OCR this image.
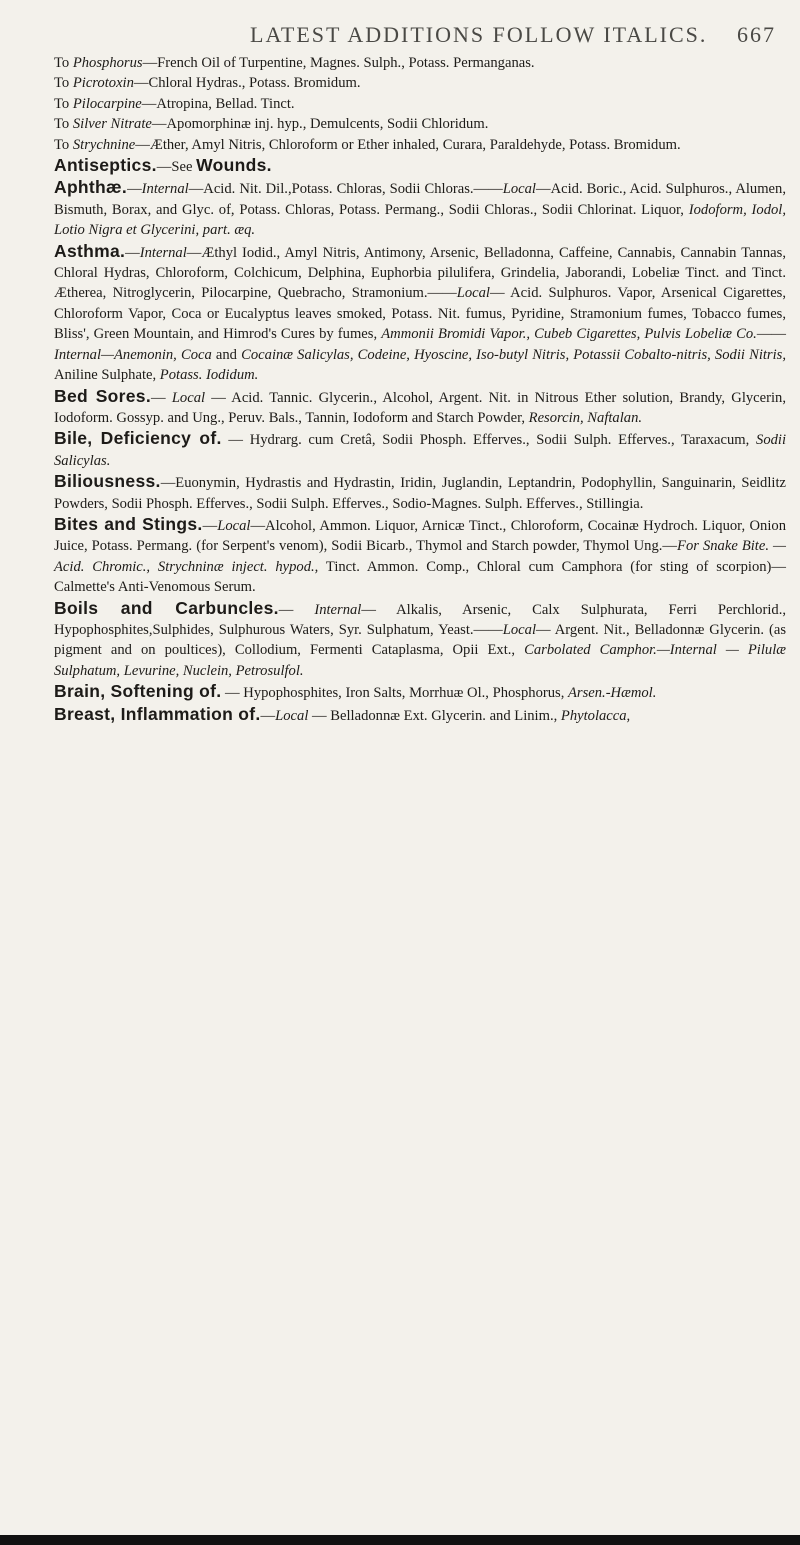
LATEST ADDITIONS FOLLOW ITALICS. 667

To Phosphorus—French Oil of Turpentine, Magnes. Sulph., Potass. Permanganas.

To Picrotoxin—Chloral Hydras., Potass. Bromidum.

To Pilocarpine—Atropina, Bellad. Tinct.

To Silver Nitrate—Apomorphinæ inj. hyp., Demulcents, Sodii Chloridum.

To Strychnine—Æther, Amyl Nitris, Chloroform or Ether inhaled, Curara, Paraldehyde, Potass. Bromidum.

Antiseptics.—See Wounds.

Aphthæ.—Internal—Acid. Nit. Dil.,Potass. Chloras, Sodii Chloras.——Local—Acid. Boric., Acid. Sulphuros., Alumen, Bismuth, Borax, and Glyc. of, Potass. Chloras, Potass. Permang., Sodii Chloras., Sodii Chlorinat. Liquor, Iodoform, Iodol, Lotio Nigra et Glycerini, part. æq.

Asthma.—Internal—Æthyl Iodid., Amyl Nitris, Antimony, Arsenic, Belladonna, Caffeine, Cannabis, Cannabin Tannas, Chloral Hydras, Chloroform, Colchicum, Delphina, Euphorbia pilulifera, Grindelia, Jaborandi, Lobeliæ Tinct. and Tinct. Ætherea, Nitroglycerin, Pilocarpine, Quebracho, Stramonium.——Local— Acid. Sulphuros. Vapor, Arsenical Cigarettes, Chloroform Vapor, Coca or Eucalyptus leaves smoked, Potass. Nit. fumus, Pyridine, Stramonium fumes, Tobacco fumes, Bliss', Green Mountain, and Himrod's Cures by fumes, Ammonii Bromidi Vapor., Cubeb Cigarettes, Pulvis Lobeliæ Co.——Internal—Anemonin, Coca and Cocainæ Salicylas, Codeine, Hyoscine, Iso-butyl Nitris, Potassii Cobalto-nitris, Sodii Nitris, Aniline Sulphate, Potass. Iodidum.

Bed Sores.— Local — Acid. Tannic. Glycerin., Alcohol, Argent. Nit. in Nitrous Ether solution, Brandy, Glycerin, Iodoform. Gossyp. and Ung., Peruv. Bals., Tannin, Iodoform and Starch Powder, Resorcin, Naftalan.

Bile, Deficiency of. — Hydrarg. cum Cretâ, Sodii Phosph. Efferves., Sodii Sulph. Efferves., Taraxacum, Sodii Salicylas.

Biliousness.—Euonymin, Hydrastis and Hydrastin, Iridin, Juglandin, Leptandrin, Podophyllin, Sanguinarin, Seidlitz Powders, Sodii Phosph. Efferves., Sodii Sulph. Efferves., Sodio-Magnes. Sulph. Efferves., Stillingia.

Bites and Stings.—Local—Alcohol, Ammon. Liquor, Arnicæ Tinct., Chloroform, Cocainæ Hydroch. Liquor, Onion Juice, Potass. Permang. (for Serpent's venom), Sodii Bicarb., Thymol and Starch powder, Thymol Ung.—For Snake Bite. —Acid. Chromic., Strychninæ inject. hypod., Tinct. Ammon. Comp., Chloral cum Camphora (for sting of scorpion)—Calmette's Anti-Venomous Serum.

Boils and Carbuncles.— Internal— Alkalis, Arsenic, Calx Sulphurata, Ferri Perchlorid., Hypophosphites,Sulphides, Sulphurous Waters, Syr. Sulphatum, Yeast.——Local— Argent. Nit., Belladonnæ Glycerin. (as pigment and on poultices), Collodium, Fermenti Cataplasma, Opii Ext., Carbolated Camphor.—Internal — Pilulæ Sulphatum, Levurine, Nuclein, Petrosulfol.

Brain, Softening of. — Hypophosphites, Iron Salts, Morrhuæ Ol., Phosphorus, Arsen.-Hæmol.

Breast, Inflammation of.—Local — Belladonnæ Ext. Glycerin. and Linim., Phytolacca,
